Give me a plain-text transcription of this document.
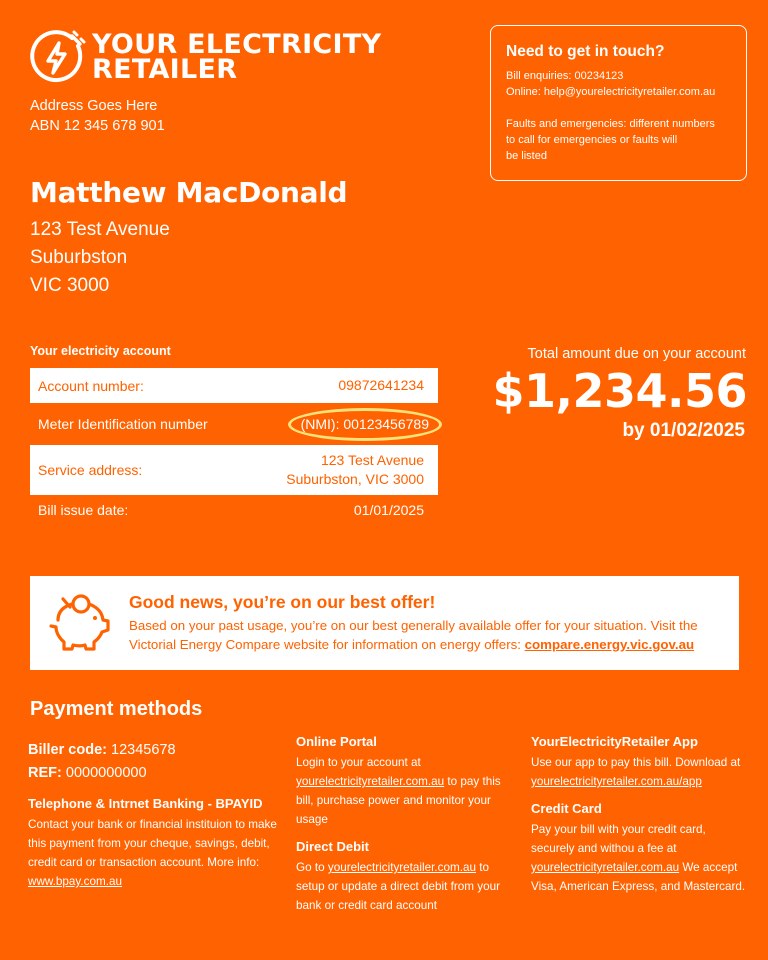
YOUR ELECTRICITY
RETAILER
Address Goes Here
ABN 12 345 678 901
Need to get in touch?

Bill enquiries: 00234123

Online: help@yourelectricityretailer.com.au

Faults and emergencies: different numbers

to call for emergencies or faults will

be listed

Matthew MacDonald
123 Test Avenue
Suburbston
VIC 3000
Your electricity account
Account number:	09872641234
Meter Identification number	(NMI): 00123456789
Service address:
123 Test Avenue
Suburbston, VIC 3000
Bill issue date:	01/01/2025
Total amount due on your account
$1,234.56
by 01/02/2025
Good news, you’re on our best offer!

Based on your past usage, you’re on our best generally available offer for your situation. Visit the Victorial Energy Compare website for information on energy offers: compare.energy.vic.gov.au

Payment methods
Biller code: 12345678
REF: 0000000000
Telephone & Intrnet Banking - BPAYID
Contact your bank or financial instituion to make this payment from your cheque, savings, debit, credit card or transaction account. More info: www.bpay.com.au
Online Portal
Login to your account at yourelectricityretailer.com.au to pay this bill, purchase power and monitor your usage
Direct Debit
Go to yourelectricityretailer.com.au to setup or update a direct debit from your bank or credit card account
YourElectricityRetailer App
Use our app to pay this bill. Download at yourelectricityretailer.com.au/app
Credit Card
Pay your bill with your credit card, securely and withou a fee at yourelectricityretailer.com.au We accept Visa, American Express, and Mastercard.
